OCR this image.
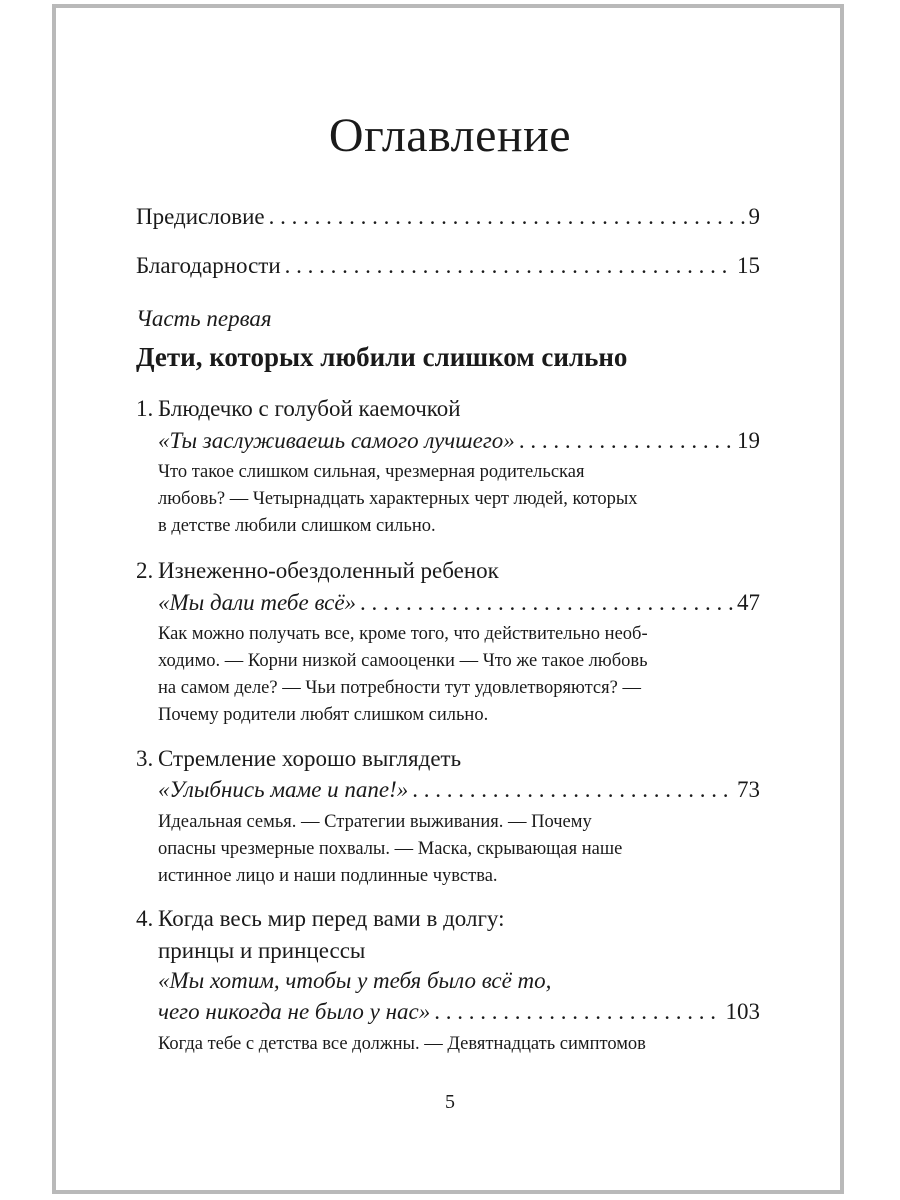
Оглавление
Предисловие . . .	9
Благодарности . . .	15
Часть первая
Дети, которых любили слишком сильно
1. Блюдечко с голубой каемочкой
«Ты заслуживаешь самого лучшего» . . .	19
Что такое слишком сильная, чрезмерная родительская
любовь? — Четырнадцать характерных черт людей, которых
в детстве любили слишком сильно.
2. Изнеженно-обездоленный ребенок
«Мы дали тебе всё» . . .	47
Как можно получать все, кроме того, что действительно необ-
ходимо. — Корни низкой самооценки — Что же такое любовь
на самом деле? — Чьи потребности тут удовлетворяются? —
Почему родители любят слишком сильно.
3. Стремление хорошо выглядеть
«Улыбнись маме и папе!» . . .	73
Идеальная семья. — Стратегии выживания. — Почему
опасны чрезмерные похвалы. — Маска, скрывающая наше
истинное лицо и наши подлинные чувства.
4. Когда весь мир перед вами в долгу:
принцы и принцессы
«Мы хотим, чтобы у тебя было всё то,
чего никогда не было у нас» . . .	103
Когда тебе с детства все должны. — Девятнадцать симптомов
5
